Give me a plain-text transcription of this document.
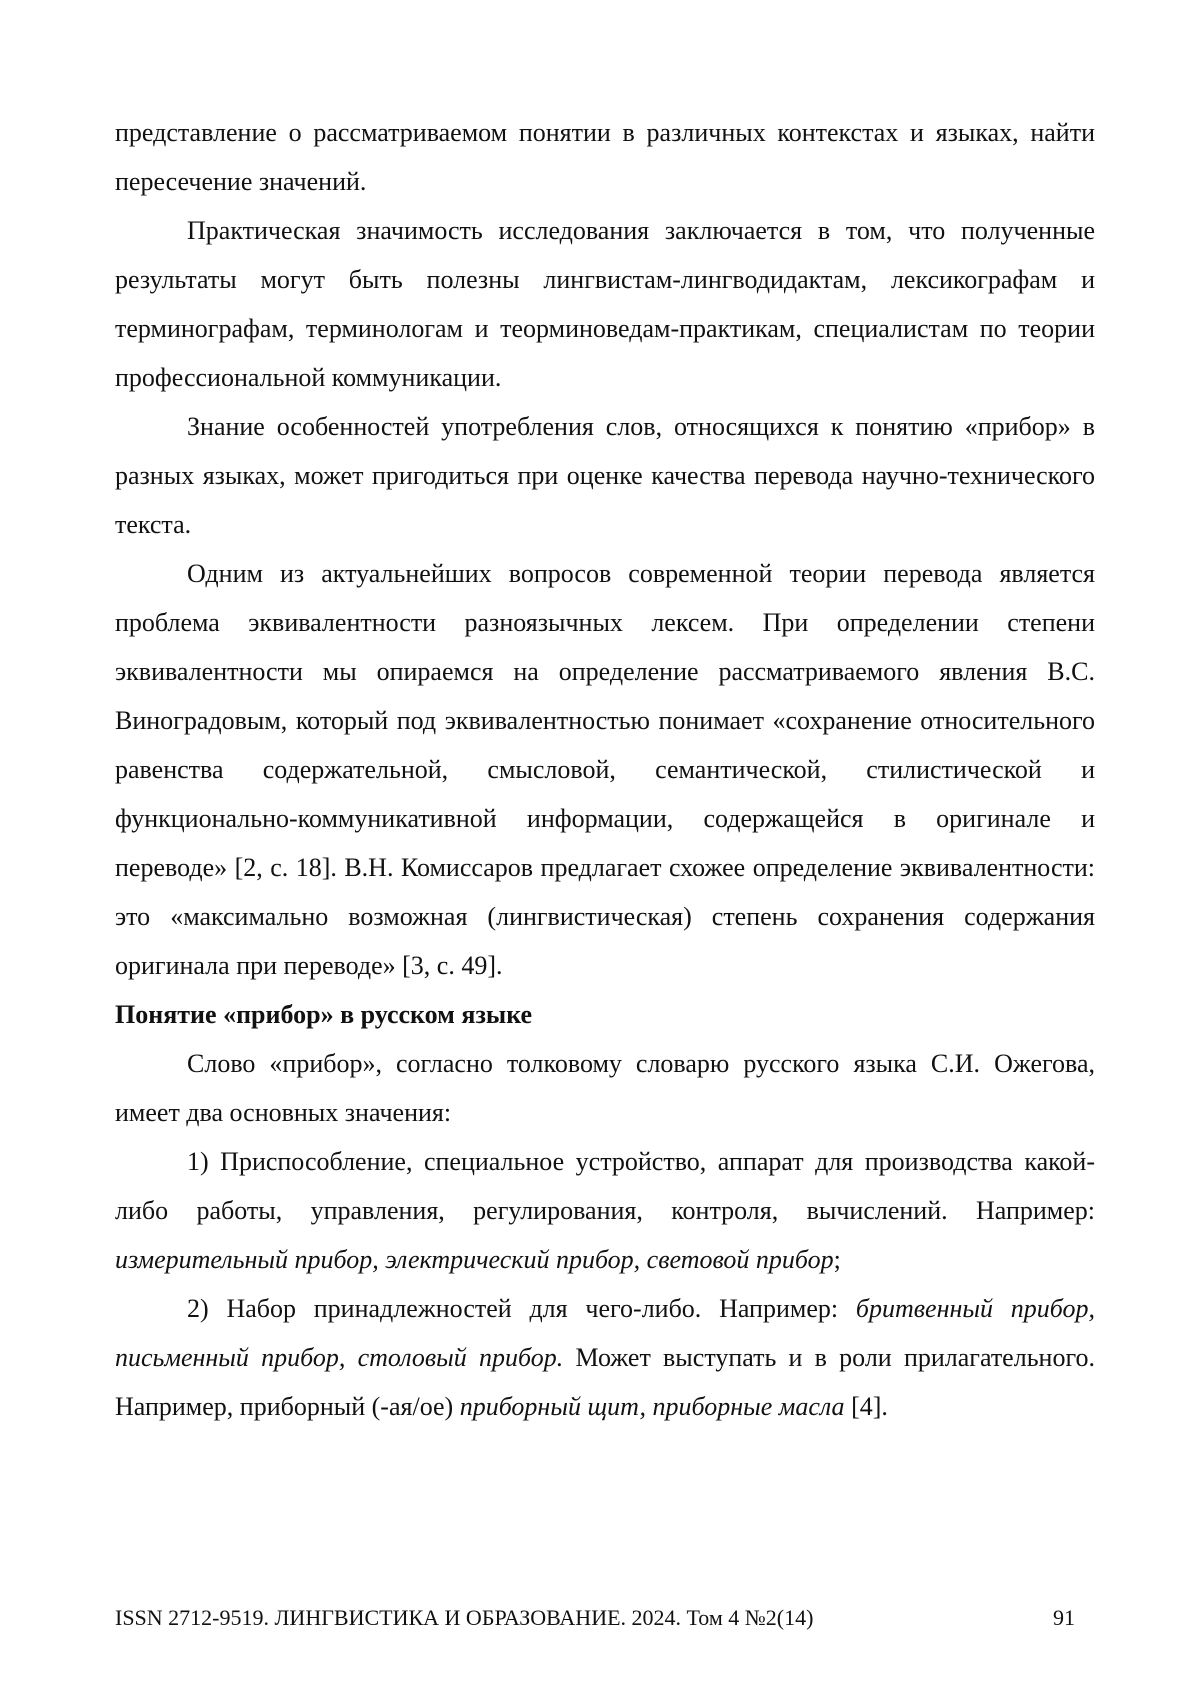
представление о рассматриваемом понятии в различных контекстах и языках, найти пересечение значений.

Практическая значимость исследования заключается в том, что полученные результаты могут быть полезны лингвистам-лингводидактам, лексикографам и терминографам, терминологам и теорминоведам-практикам, специалистам по теории профессиональной коммуникации.

Знание особенностей употребления слов, относящихся к понятию «прибор» в разных языках, может пригодиться при оценке качества перевода научно-технического текста.

Одним из актуальнейших вопросов современной теории перевода является проблема эквивалентности разноязычных лексем. При определении степени эквивалентности мы опираемся на определение рассматриваемого явления В.С. Виноградовым, который под эквивалентностью понимает «сохранение относительного равенства содержательной, смысловой, семантической, стилистической и функционально-коммуникативной информации, содержащейся в оригинале и переводе» [2, с. 18]. В.Н. Комиссаров предлагает схожее определение эквивалентности: это «максимально возможная (лингвистическая) степень сохранения содержания оригинала при переводе» [3, с. 49].

Понятие «прибор» в русском языке

Слово «прибор», согласно толковому словарю русского языка С.И. Ожегова, имеет два основных значения:

1) Приспособление, специальное устройство, аппарат для производства какой-либо работы, управления, регулирования, контроля, вычислений. Например: измерительный прибор, электрический прибор, световой прибор;

2) Набор принадлежностей для чего-либо. Например: бритвенный прибор, письменный прибор, столовый прибор. Может выступать и в роли прилагательного. Например, приборный (-ая/ое) приборный щит, приборные масла [4].

ISSN 2712-9519. ЛИНГВИСТИКА И ОБРАЗОВАНИЕ. 2024. Том 4 №2(14)	91
